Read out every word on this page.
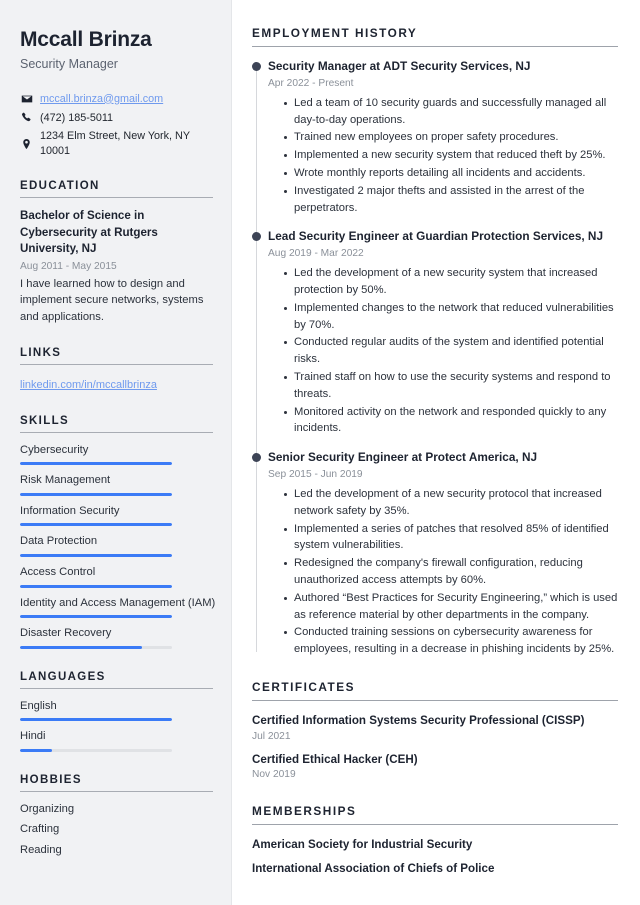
Mccall Brinza
Security Manager
mccall.brinza@gmail.com
(472) 185-5011
1234 Elm Street, New York, NY 10001
EDUCATION
Bachelor of Science in Cybersecurity at Rutgers University, NJ
Aug 2011 - May 2015
I have learned how to design and implement secure networks, systems and applications.
LINKS
linkedin.com/in/mccallbrinza
SKILLS
Cybersecurity
Risk Management
Information Security
Data Protection
Access Control
Identity and Access Management (IAM)
Disaster Recovery
LANGUAGES
English
Hindi
HOBBIES
Organizing
Crafting
Reading
EMPLOYMENT HISTORY
Security Manager at ADT Security Services, NJ
Apr 2022 - Present
Led a team of 10 security guards and successfully managed all day-to-day operations.
Trained new employees on proper safety procedures.
Implemented a new security system that reduced theft by 25%.
Wrote monthly reports detailing all incidents and accidents.
Investigated 2 major thefts and assisted in the arrest of the perpetrators.
Lead Security Engineer at Guardian Protection Services, NJ
Aug 2019 - Mar 2022
Led the development of a new security system that increased protection by 50%.
Implemented changes to the network that reduced vulnerabilities by 70%.
Conducted regular audits of the system and identified potential risks.
Trained staff on how to use the security systems and respond to threats.
Monitored activity on the network and responded quickly to any incidents.
Senior Security Engineer at Protect America, NJ
Sep 2015 - Jun 2019
Led the development of a new security protocol that increased network safety by 35%.
Implemented a series of patches that resolved 85% of identified system vulnerabilities.
Redesigned the company's firewall configuration, reducing unauthorized access attempts by 60%.
Authored “Best Practices for Security Engineering,” which is used as reference material by other departments in the company.
Conducted training sessions on cybersecurity awareness for employees, resulting in a decrease in phishing incidents by 25%.
CERTIFICATES
Certified Information Systems Security Professional (CISSP)
Jul 2021
Certified Ethical Hacker (CEH)
Nov 2019
MEMBERSHIPS
American Society for Industrial Security
International Association of Chiefs of Police
